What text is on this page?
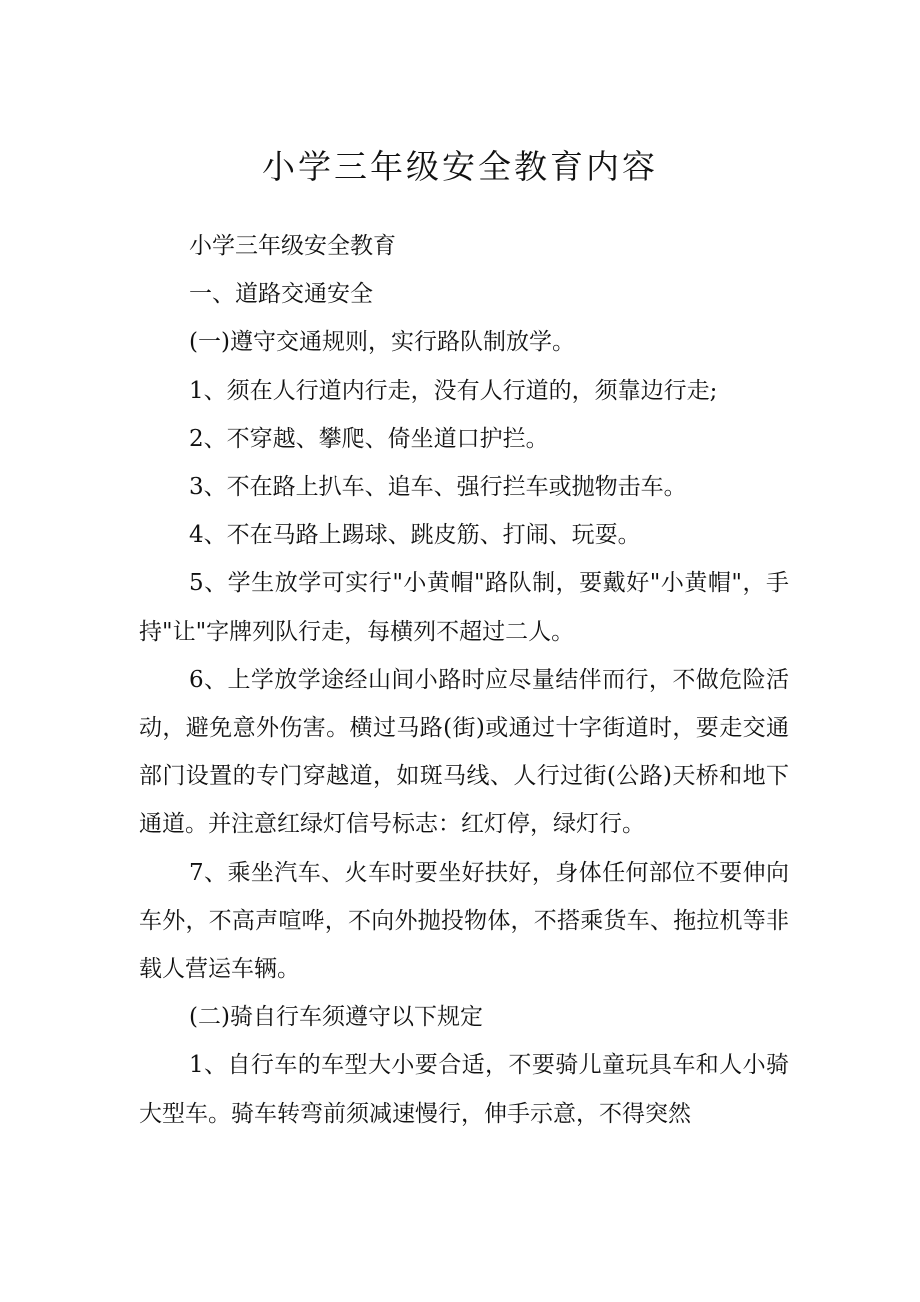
小学三年级安全教育内容

小学三年级安全教育

一、道路交通安全

(一)遵守交通规则，实行路队制放学。

1、须在人行道内行走，没有人行道的，须靠边行走;

2、不穿越、攀爬、倚坐道口护拦。

3、不在路上扒车、追车、强行拦车或抛物击车。

4、不在马路上踢球、跳皮筋、打闹、玩耍。

5、学生放学可实行"小黄帽"路队制，要戴好"小黄帽"，手持"让"字牌列队行走，每横列不超过二人。

6、上学放学途经山间小路时应尽量结伴而行，不做危险活动，避免意外伤害。横过马路(街)或通过十字街道时，要走交通部门设置的专门穿越道，如斑马线、人行过街(公路)天桥和地下通道。并注意红绿灯信号标志：红灯停，绿灯行。

7、乘坐汽车、火车时要坐好扶好，身体任何部位不要伸向车外，不高声喧哗，不向外抛投物体，不搭乘货车、拖拉机等非载人营运车辆。

(二)骑自行车须遵守以下规定

1、自行车的车型大小要合适，不要骑儿童玩具车和人小骑大型车。骑车转弯前须减速慢行，伸手示意，不得突然
